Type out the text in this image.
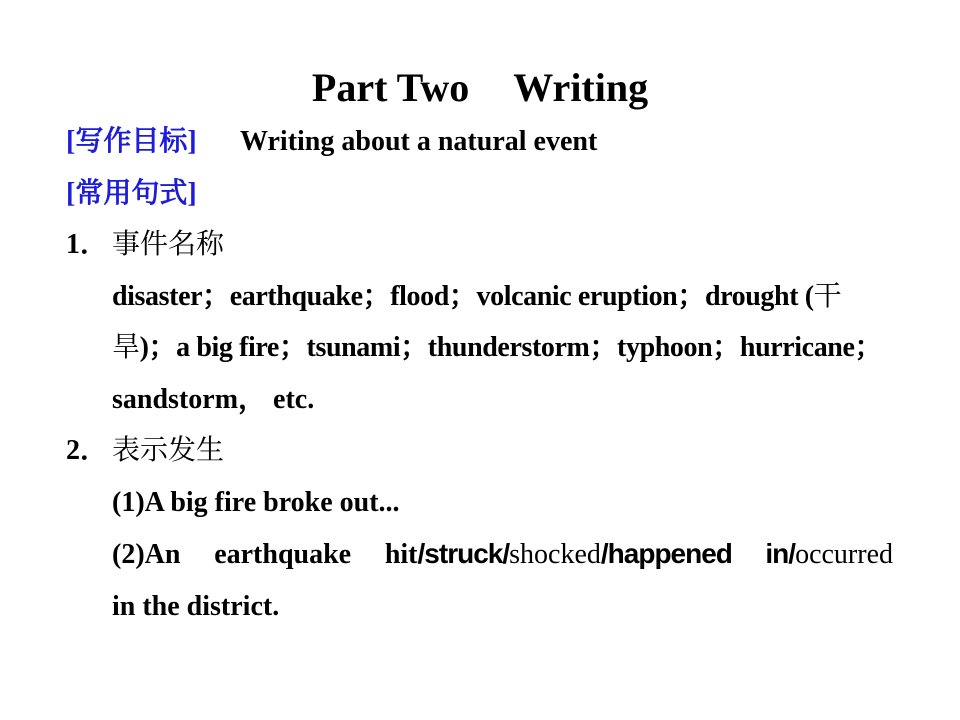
Part Two Writing
[写作目标] Writing about a natural event
[常用句式]
1． 事件名称
disaster；earthquake；flood；volcanic eruption；drought (干
旱)；a big fire；tsunami；thunderstorm；typhoon；hurricane；
sandstorm， etc.
2． 表示发生
(1)A big fire broke out...
(2)An earthquake hit/struck/shocked/happened in/occurred
in the district.
